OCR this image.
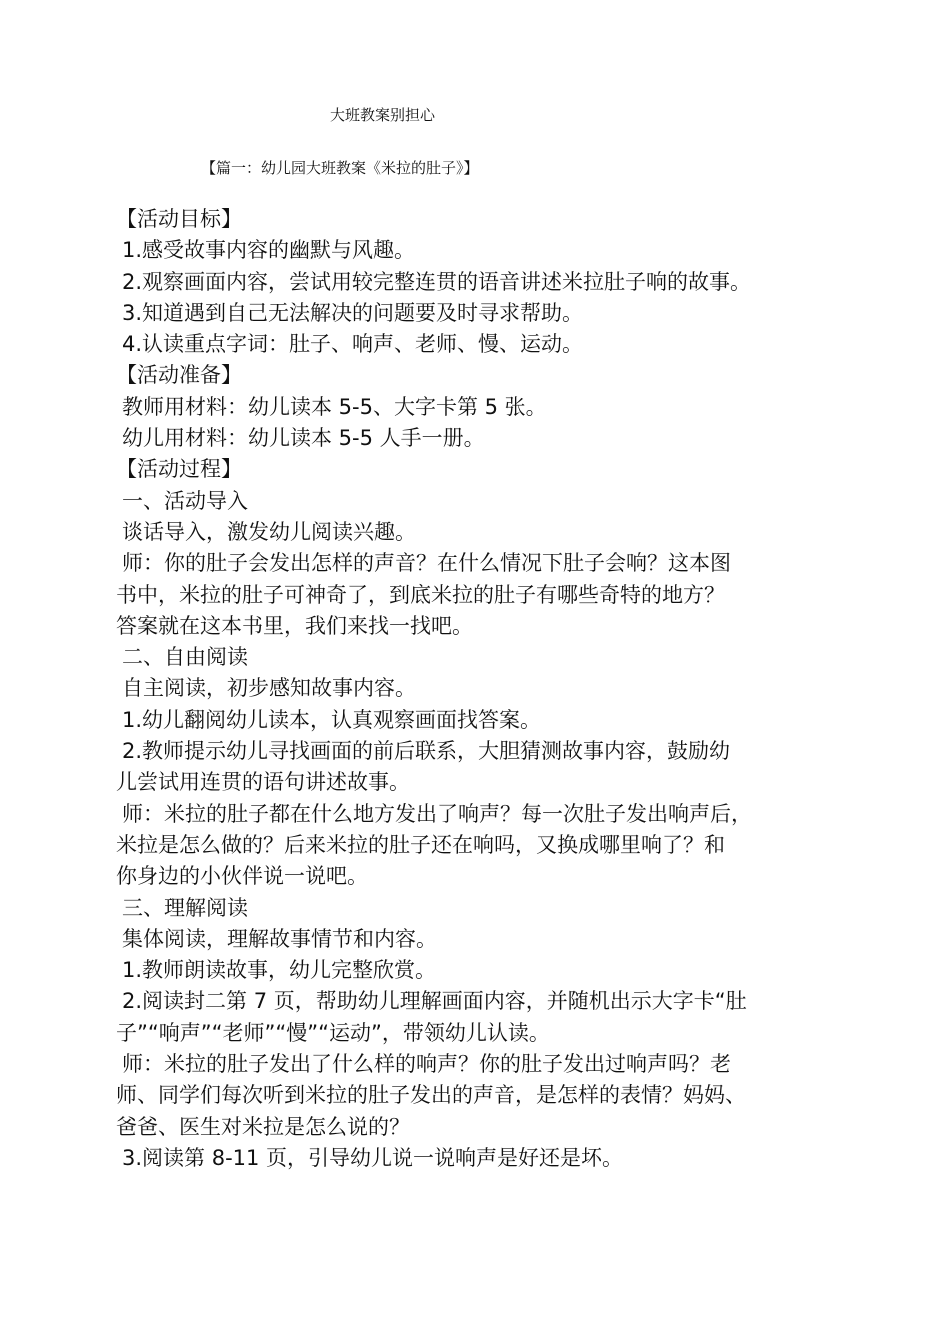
大班教案别担心
【篇一：幼儿园大班教案《米拉的肚子》】
【活动目标】
1.感受故事内容的幽默与风趣。
2.观察画面内容，尝试用较完整连贯的语音讲述米拉肚子响的故事。
3.知道遇到自己无法解决的问题要及时寻求帮助。
4.认读重点字词：肚子、响声、老师、慢、运动。
【活动准备】
教师用材料：幼儿读本 5-5、大字卡第 5 张。
幼儿用材料：幼儿读本 5-5 人手一册。
【活动过程】
一、活动导入
谈话导入，激发幼儿阅读兴趣。
师：你的肚子会发出怎样的声音？在什么情况下肚子会响？这本图
书中，米拉的肚子可神奇了，到底米拉的肚子有哪些奇特的地方？
答案就在这本书里，我们来找一找吧。
二、自由阅读
自主阅读，初步感知故事内容。
1.幼儿翻阅幼儿读本，认真观察画面找答案。
2.教师提示幼儿寻找画面的前后联系，大胆猜测故事内容，鼓励幼
儿尝试用连贯的语句讲述故事。
师：米拉的肚子都在什么地方发出了响声？每一次肚子发出响声后，
米拉是怎么做的？后来米拉的肚子还在响吗，又换成哪里响了？和
你身边的小伙伴说一说吧。
三、理解阅读
集体阅读，理解故事情节和内容。
1.教师朗读故事，幼儿完整欣赏。
2.阅读封二第 7 页，帮助幼儿理解画面内容，并随机出示大字卡“肚
子”“响声”“老师”“慢”“运动”，带领幼儿认读。
师：米拉的肚子发出了什么样的响声？你的肚子发出过响声吗？老
师、同学们每次听到米拉的肚子发出的声音，是怎样的表情？妈妈、
爸爸、医生对米拉是怎么说的？
3.阅读第 8-11 页，引导幼儿说一说响声是好还是坏。
